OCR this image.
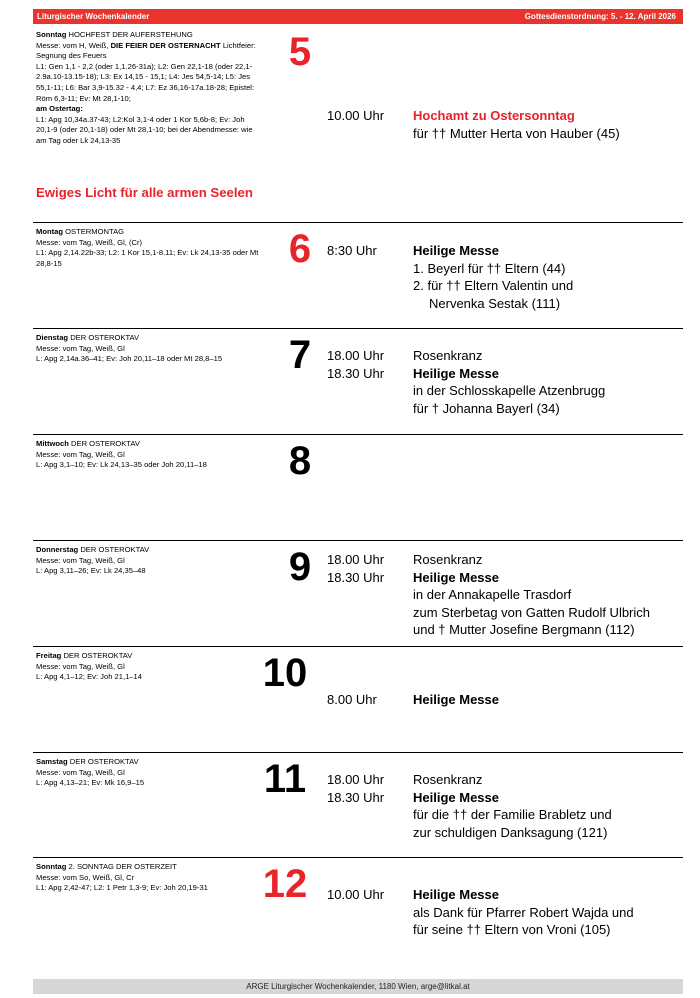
Liturgischer Wochenkalender	Gottesdienstordnung: 5. - 12. April 2026

Sonntag HOCHFEST DER AUFERSTEHUNG

Messe: vom H, Weiß, DIE FEIER DER OSTERNACHT Lichtfeier: Segnung des Feuers

L1: Gen 1,1 - 2,2 (oder 1,1.26-31a); L2: Gen 22,1-18 (oder 22,1-2.9a.10-13.15-18); L3: Ex 14,15 - 15,1; L4: Jes 54,5-14; L5: Jes 55,1-11; L6: Bar 3,9-15.32 - 4,4; L7: Ez 36,16-17a.18-28; Epistel: Röm 6,3-11; Ev: Mt 28,1-10;

am Ostertag:

L1: Apg 10,34a.37-43; L2:Kol 3,1-4 oder 1 Kor 5,6b-8; Ev: Joh 20,1-9 (oder 20,1-18) oder Mt 28,1-10; bei der Abendmesse: wie am Tag oder Lk 24,13-35

5
10.00 Uhr	Hochamt zu Ostersonntag
für †† Mutter Herta von Hauber (45)
Ewiges Licht für alle armen Seelen

Montag OSTERMONTAG

Messe: vom Tag, Weiß, Gl, (Cr)

L1: Apg 2,14.22b-33; L2: 1 Kor 15,1-8.11; Ev: Lk 24,13-35 oder Mt 28,8-15	6	8:30 Uhr	Heilige Messe
1. Beyerl für †† Eltern (44)
2. für †† Eltern Valentin und
Nervenka Sestak (111)

Dienstag DER OSTEROKTAV

Messe: vom Tag, Weiß, Gl

L: Apg 2,14a.36–41; Ev: Joh 20,11–18 oder Mt 28,8–15	7	18.00 Uhr	Rosenkranz
18.30 Uhr	Heilige Messe
in der Schlosskapelle Atzenbrugg
für † Johanna Bayerl (34)

Mittwoch DER OSTEROKTAV

Messe: vom Tag, Weiß, Gl

L: Apg 3,1–10; Ev: Lk 24,13–35 oder Joh 20,11–18	8

Donnerstag DER OSTEROKTAV

Messe: vom Tag, Weiß, Gl

L: Apg 3,11–26; Ev: Lk 24,35–48	9	18.00 Uhr	Rosenkranz
18.30 Uhr	Heilige Messe
in der Annakapelle Trasdorf
zum Sterbetag von Gatten Rudolf Ulbrich
und † Mutter Josefine Bergmann (112)

Freitag DER OSTEROKTAV

Messe: vom Tag, Weiß, Gl

L: Apg 4,1–12; Ev: Joh 21,1–14	10
8.00 Uhr	Heilige Messe

Samstag DER OSTEROKTAV

Messe: vom Tag, Weiß, Gl

L: Apg 4,13–21; Ev: Mk 16,9–15	11	18.00 Uhr	Rosenkranz
18.30 Uhr	Heilige Messe
für die †† der Familie Brabletz und
zur schuldigen Danksagung (121)

Sonntag 2. SONNTAG DER OSTERZEIT

Messe: vom So, Weiß, Gl, Cr

L1: Apg 2,42-47; L2: 1 Petr 1,3-9; Ev: Joh 20,19-31	12	10.00 Uhr	Heilige Messe
als Dank für Pfarrer Robert Wajda und
für seine †† Eltern von Vroni (105)
ARGE Liturgischer Wochenkalender, 1180 Wien, arge@litkal.at
